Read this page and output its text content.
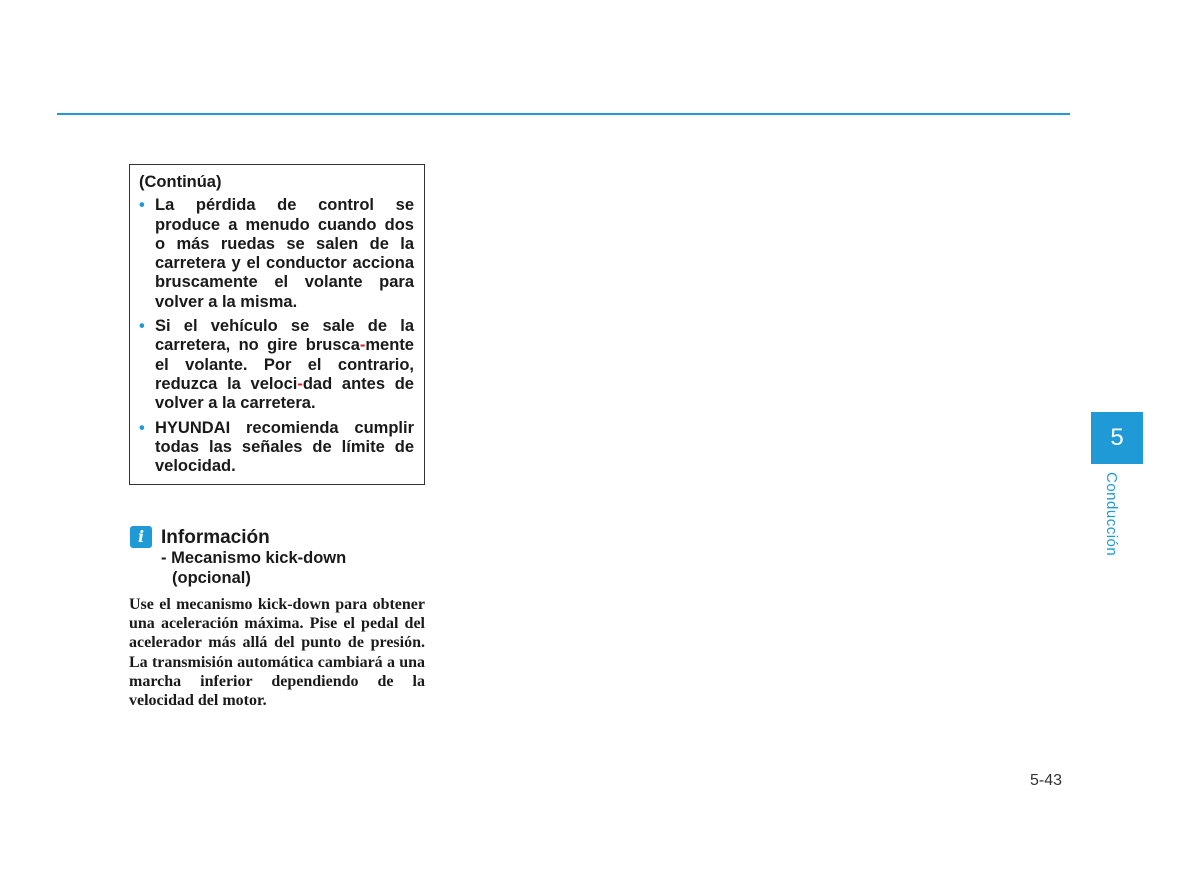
(Continúa)

• La pérdida de control se produce a menudo cuando dos o más ruedas se salen de la carretera y el conductor acciona bruscamente el volante para volver a la misma.

• Si el vehículo se sale de la carretera, no gire brusca-mente el volante. Por el contrario, reduzca la veloci-dad antes de volver a la carretera.

• HYUNDAI recomienda cumplir todas las señales de límite de velocidad.

i Información
- Mecanismo kick-down
(opcional)
Use el mecanismo kick-down para obtener una aceleración máxima. Pise el pedal del acelerador más allá del punto de presión. La transmisión automática cambiará a una marcha inferior dependiendo de la velocidad del motor.
5
Conducción
5-43
